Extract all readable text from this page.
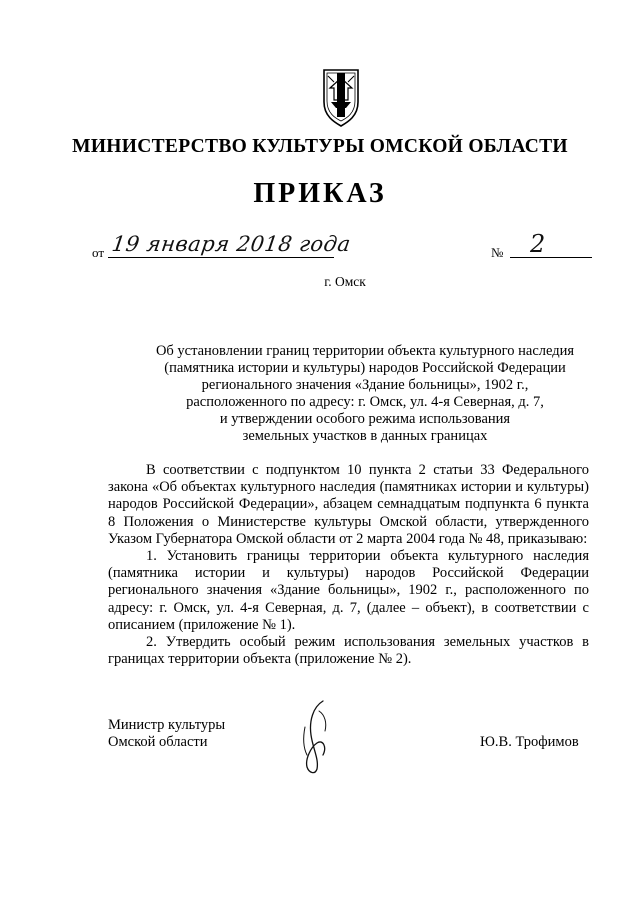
МИНИСТЕРСТВО КУЛЬТУРЫ ОМСКОЙ ОБЛАСТИ
ПРИКАЗ
от 19 января 2018 года	№ 2
г. Омск
Об установлении границ территории объекта культурного наследия
(памятника истории и культуры) народов Российской Федерации
регионального значения «Здание больницы», 1902 г.,
расположенного по адресу: г. Омск, ул. 4-я Северная, д. 7,
и утверждении особого режима использования
земельных участков в данных границах

В соответствии с подпунктом 10 пункта 2 статьи 33 Федерального закона «Об объектах культурного наследия (памятниках истории и культуры) народов Российской Федерации», абзацем семнадцатым подпункта 6 пункта 8 Положения о Министерстве культуры Омской области, утвержденного Указом Губернатора Омской области от 2 марта 2004 года № 48, приказываю:

1. Установить границы территории объекта культурного наследия (памятника истории и культуры) народов Российской Федерации регионального значения «Здание больницы», 1902 г., расположенного по адресу: г. Омск, ул. 4-я Северная, д. 7, (далее – объект), в соответствии с описанием (приложение № 1).

2. Утвердить особый режим использования земельных участков в границах территории объекта (приложение № 2).

Министр культуры
Омской области	Ю.В. Трофимов
